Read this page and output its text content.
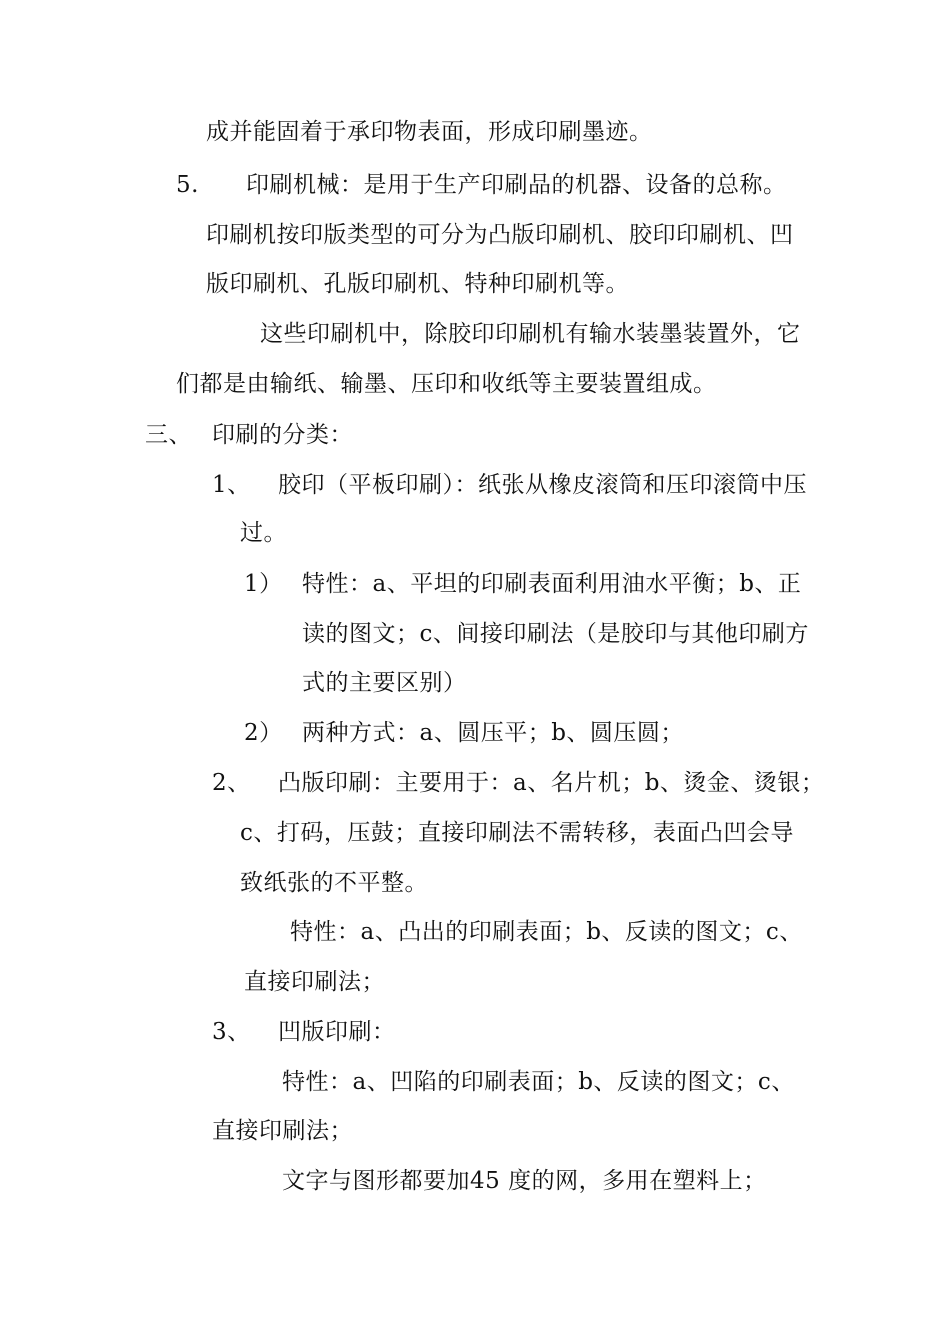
成并能固着于承印物表面，形成印刷墨迹。
5. 印刷机械：是用于生产印刷品的机器、设备的总称。
印刷机按印版类型的可分为凸版印刷机、胶印印刷机、凹
版印刷机、孔版印刷机、特种印刷机等。
这些印刷机中，除胶印印刷机有输水装墨装置外，它
们都是由输纸、输墨、压印和收纸等主要装置组成。
三、 印刷的分类：
1、 胶印（平板印刷）：纸张从橡皮滚筒和压印滚筒中压
过。
1） 特性：a、平坦的印刷表面利用油水平衡；b、正
读的图文；c、间接印刷法（是胶印与其他印刷方
式的主要区别）
2） 两种方式：a、圆压平；b、圆压圆；
2、 凸版印刷：主要用于：a、名片机；b、烫金、烫银；
c、打码，压鼓；直接印刷法不需转移，表面凸凹会导
致纸张的不平整。
特性：a、凸出的印刷表面；b、反读的图文；c、
直接印刷法；
3、 凹版印刷：
特性：a、凹陷的印刷表面；b、反读的图文；c、
直接印刷法；
文字与图形都要加45 度的网，多用在塑料上；
